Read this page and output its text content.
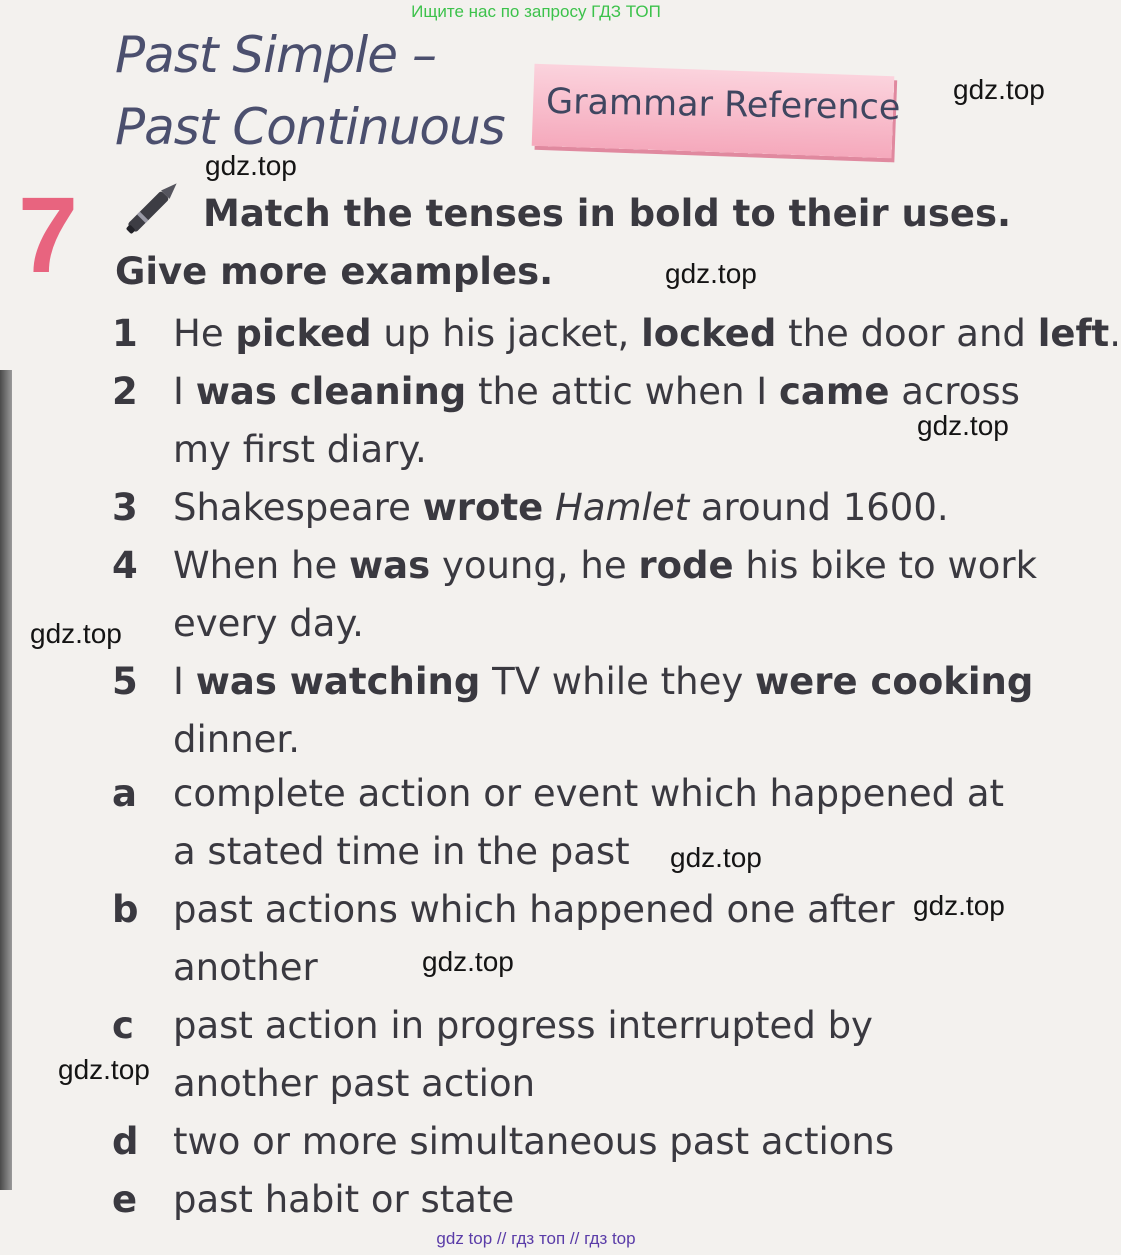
Ищите нас по запросу ГДЗ ТОП
Past Simple –
Past Continuous Grammar Reference
7	Match the tenses in bold to their uses.
Give more examples.
gdz.top
gdz.top
gdz.top
gdz.top
gdz.top
gdz.top
gdz.top
gdz.top
gdz.top
gdz top // гдз топ // гдз top
1 He picked up his jacket, locked the door and left.
2 I was cleaning the attic when I came across
my first diary.
3 Shakespeare wrote Hamlet around 1600.
4 When he was young, he rode his bike to work
every day.
5 I was watching TV while they were cooking
dinner.
a complete action or event which happened at
a stated time in the past
b past actions which happened one after
another
c past action in progress interrupted by
another past action
d two or more simultaneous past actions
e past habit or state
